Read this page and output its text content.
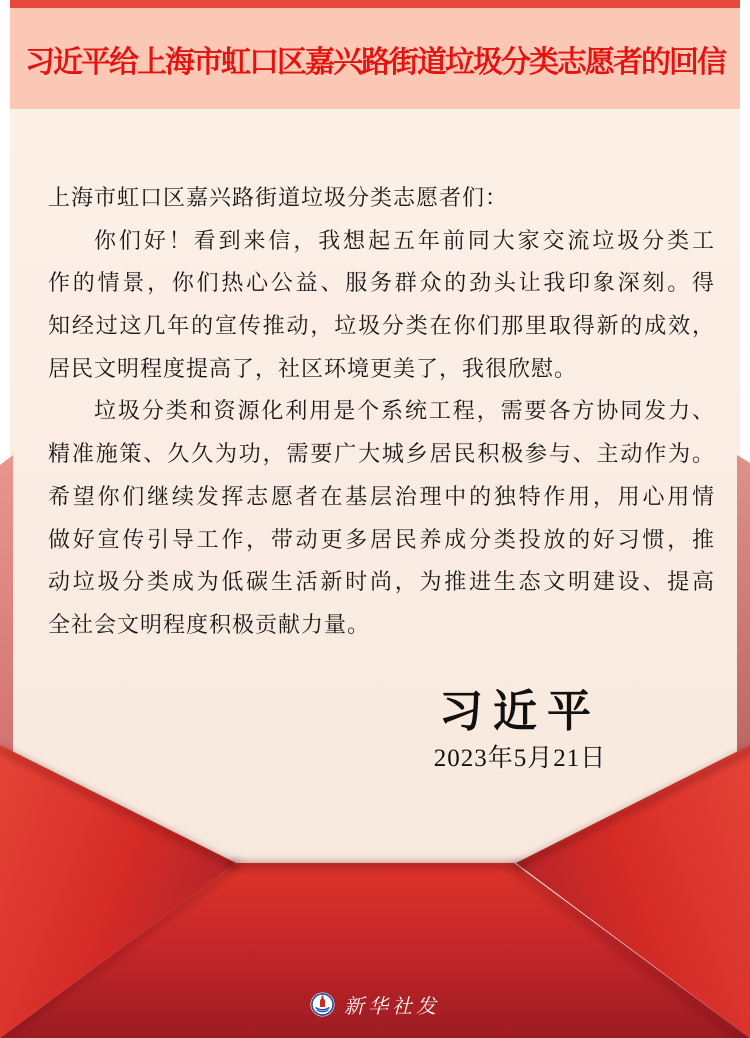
习近平给上海市虹口区嘉兴路街道垃圾分类志愿者的回信
上海市虹口区嘉兴路街道垃圾分类志愿者们：
你们好！看到来信，我想起五年前同大家交流垃圾分类工
作的情景，你们热心公益、服务群众的劲头让我印象深刻。得
知经过这几年的宣传推动，垃圾分类在你们那里取得新的成效，
居民文明程度提高了，社区环境更美了，我很欣慰。
垃圾分类和资源化利用是个系统工程，需要各方协同发力、
精准施策、久久为功，需要广大城乡居民积极参与、主动作为。
希望你们继续发挥志愿者在基层治理中的独特作用，用心用情
做好宣传引导工作，带动更多居民养成分类投放的好习惯，推
动垃圾分类成为低碳生活新时尚，为推进生态文明建设、提高
全社会文明程度积极贡献力量。
习近平
2023年5月21日
新华社发
